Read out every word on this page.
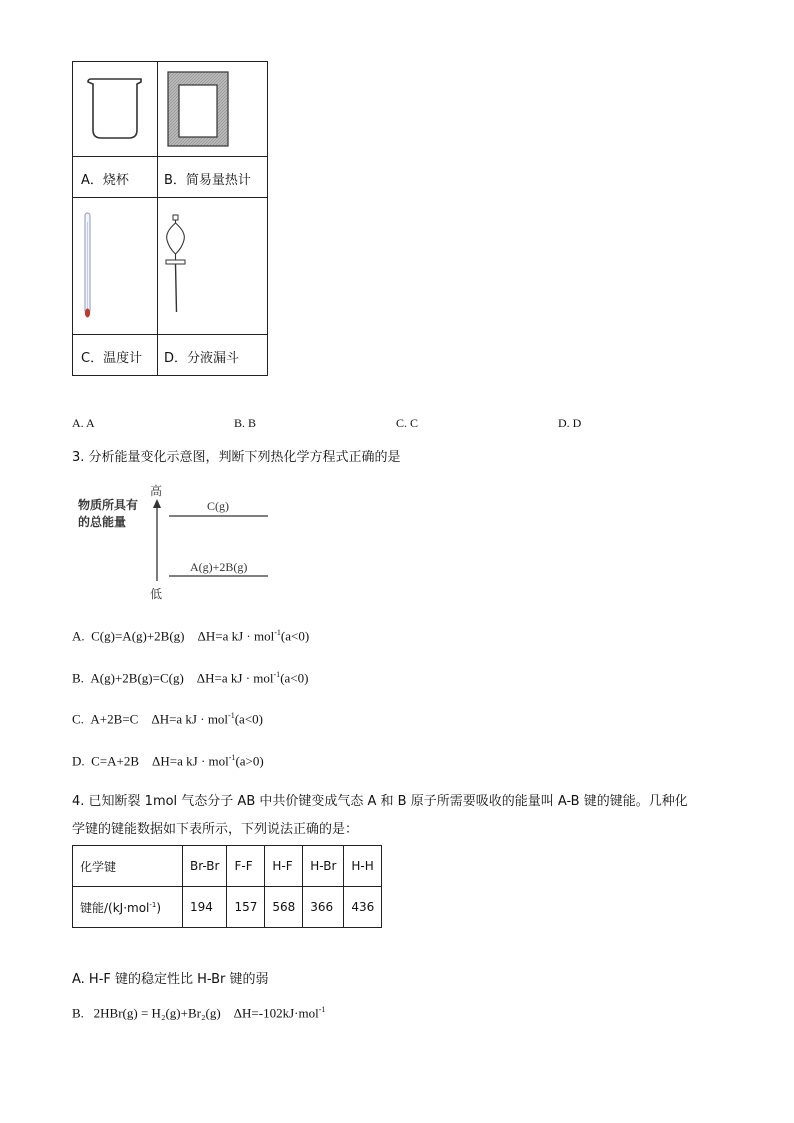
A．烧杯	B．简易量热计
C．温度计 D．分液漏斗
A. A	B. B	C. C	D. D
3. 分析能量变化示意图，判断下列热化学方程式正确的是
物质所具有
的总能量
高
低
C(g)
A(g)+2B(g)
A. C(g)=A(g)+2B(g) ΔH=a kJ · mol$^{-1}$(a<0)
B. A(g)+2B(g)=C(g) ΔH=a kJ · mol$^{-1}$(a<0)
C. A+2B=C ΔH=a kJ · mol$^{-1}$(a<0)
D. C=A+2B ΔH=a kJ · mol$^{-1}$(a>0)
4. 已知断裂 1mol 气态分子 AB 中共价键变成气态 A 和 B 原子所需要吸收的能量叫 A-B 键的键能。几种化
学键的键能数据如下表所示，下列说法正确的是：
化学键	Br-Br	F-F	H-F	H-Br	H-H
键能/(kJ·mol$^{-1}$)	194	157	568	366	436
A. H-F 键的稳定性比 H-Br 键的弱
B. 2HBr(g) = H₂(g)+Br₂(g) ΔH=-102kJ·mol$^{-1}$
